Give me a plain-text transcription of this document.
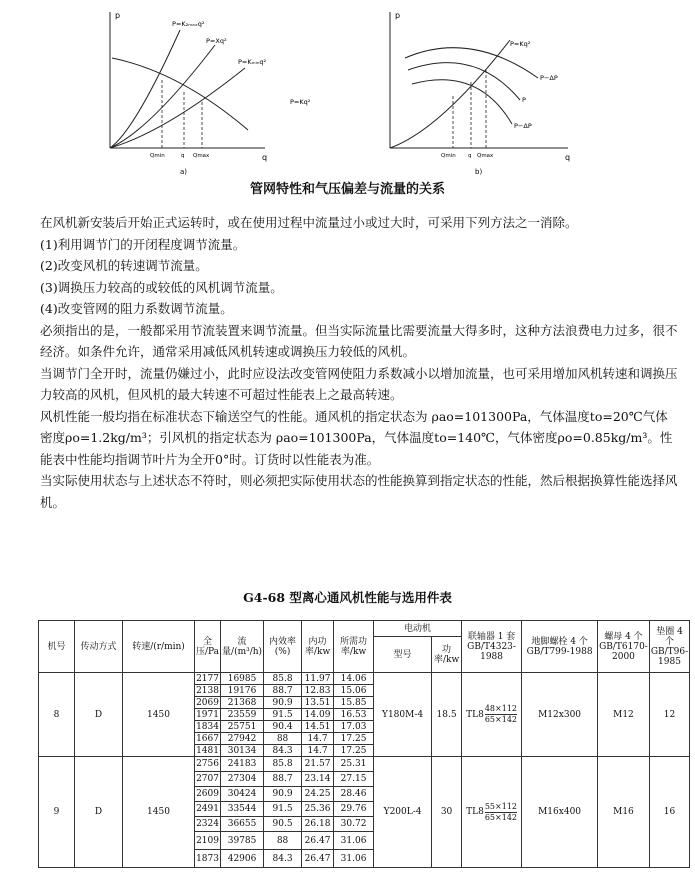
p
q
P=K₂ₘₐₓq²
P=Xq²
P=Kₘᵢₙq²
Qmin	q Qmax
a)
P=Kq²
p
q
P=Kq²
P−ΔP
P
P−ΔP
Qmin q Qmax
b)
管网特性和气压偏差与流量的关系

在风机新安装后开始正式运转时，或在使用过程中流量过小或过大时，可采用下列方法之一消除。

(1)利用调节门的开闭程度调节流量。

(2)改变风机的转速调节流量。

(3)调换压力较高的或较低的风机调节流量。

(4)改变管网的阻力系数调节流量。

必须指出的是，一般都采用节流装置来调节流量。但当实际流量比需要流量大得多时，这种方法浪费电力过多，很不经济。如条件允许，通常采用减低风机转速或调换压力较低的风机。

当调节门全开时，流量仍嫌过小，此时应设法改变管网使阻力系数减小以增加流量，也可采用增加风机转速和调换压力较高的风机，但风机的最大转速不可超过性能表上之最高转速。

风机性能一般均指在标准状态下输送空气的性能。通风机的指定状态为 ρao=101300Pa，气体温度to=20℃气体密度ρo=1.2kg/m³；引风机的指定状态为 ρao=101300Pa，气体温度to=140℃，气体密度ρo=0.85kg/m³。性能表中性能均指调节叶片为全开0°时。订货时以性能表为准。

当实际使用状态与上述状态不符时，则必须把实际使用状态的性能换算到指定状态的性能，然后根据换算性能选择风机。

G4-68 型离心通风机性能与选用件表
机号	传动方式	转速/(r/min)	全压/Pa	流量/(m³/h)	内效率(%)	内功率/kw	所需功率/kw	电动机		联轴器 1 套 GB/T4323-1988	地脚螺栓 4 个 GB/T799-1988	螺母 4 个 GB/T6170-2000	垫圈 4 个 GB/T96-1985
								型号	功率/kw				
8	D	1450	2177	16985	85.8	11.97	14.06	Y180M-4	18.5	$TL8 \frac{48\times 112}{65\times 142}$	M12x300	M12	12
			2138	19176	88.7	12.83	15.06						
			2069	21368	90.9	13.51	15.85						
			1971	23559	91.5	14.09	16.53						
			1834	25751	90.4	14.51	17.03						
			1667	27942	88	14.7	17.25						
			1481	30134	84.3	14.7	17.25						
9	D	1450	2756	24183	85.8	21.57	25.31	Y200L-4	30	$TL8 \frac{55\times 112}{65\times 142}$	M16x400	M16	16
			2707	27304	88.7	23.14	27.15						
			2609	30424	90.9	24.25	28.46						
			2491	33544	91.5	25.36	29.76						
			2324	36655	90.5	26.18	30.72						
			2109	39785	88	26.47	31.06						
			1873	42906	84.3	26.47	31.06						
